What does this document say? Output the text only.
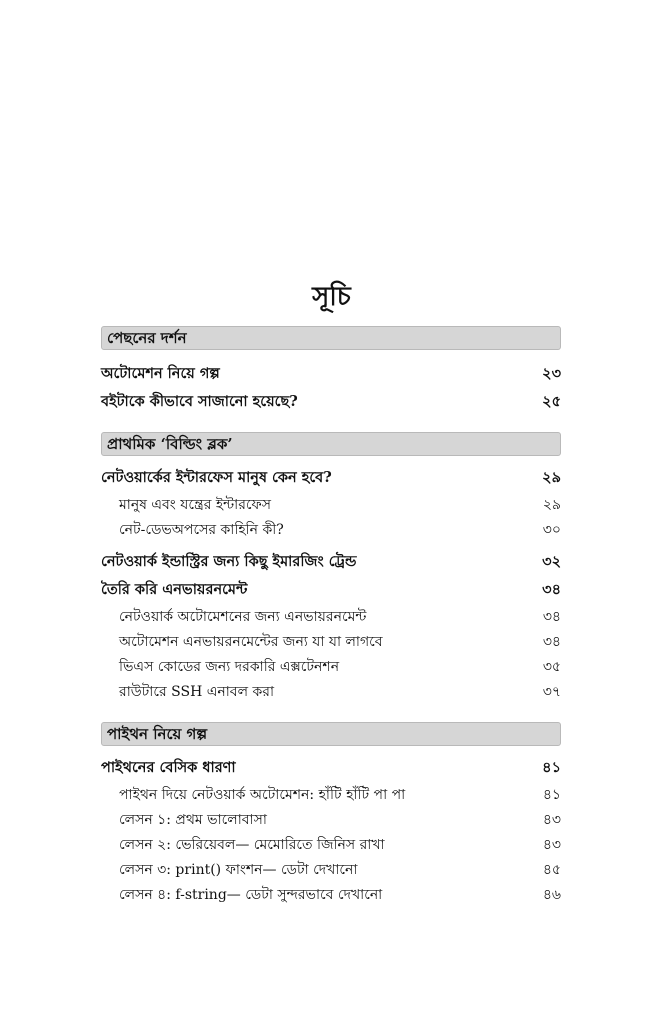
সূচি
পেছনের দর্শন
অটোমেশন নিয়ে গল্প	২৩
বইটাকে কীভাবে সাজানো হয়েছে?	২৫
প্রাথমিক ‘বিল্ডিং ব্লক’
নেটওয়ার্কের ইন্টারফেস মানুষ কেন হবে?	২৯
মানুষ এবং যন্ত্রের ইন্টারফেস	২৯
নেট-ডেভঅপসের কাহিনি কী?	৩০
নেটওয়ার্ক ইন্ডাস্ট্রির জন্য কিছু ইমারজিং ট্রেন্ড	৩২
তৈরি করি এনভায়রনমেন্ট	৩৪
নেটওয়ার্ক অটোমেশনের জন্য এনভায়রনমেন্ট	৩৪
অটোমেশন এনভায়রনমেন্টের জন্য যা যা লাগবে	৩৪
ভিএস কোডের জন্য দরকারি এক্সটেনশন	৩৫
রাউটারে SSH এনাবল করা	৩৭
পাইথন নিয়ে গল্প
পাইথনের বেসিক ধারণা	৪১
পাইথন দিয়ে নেটওয়ার্ক অটোমেশন: হাঁটি হাঁটি পা পা	৪১
লেসন ১: প্রথম ভালোবাসা	৪৩
লেসন ২: ভেরিয়েবল— মেমোরিতে জিনিস রাখা	৪৩
লেসন ৩: print() ফাংশন— ডেটা দেখানো	৪৫
লেসন ৪: f-string— ডেটা সুন্দরভাবে দেখানো	৪৬
